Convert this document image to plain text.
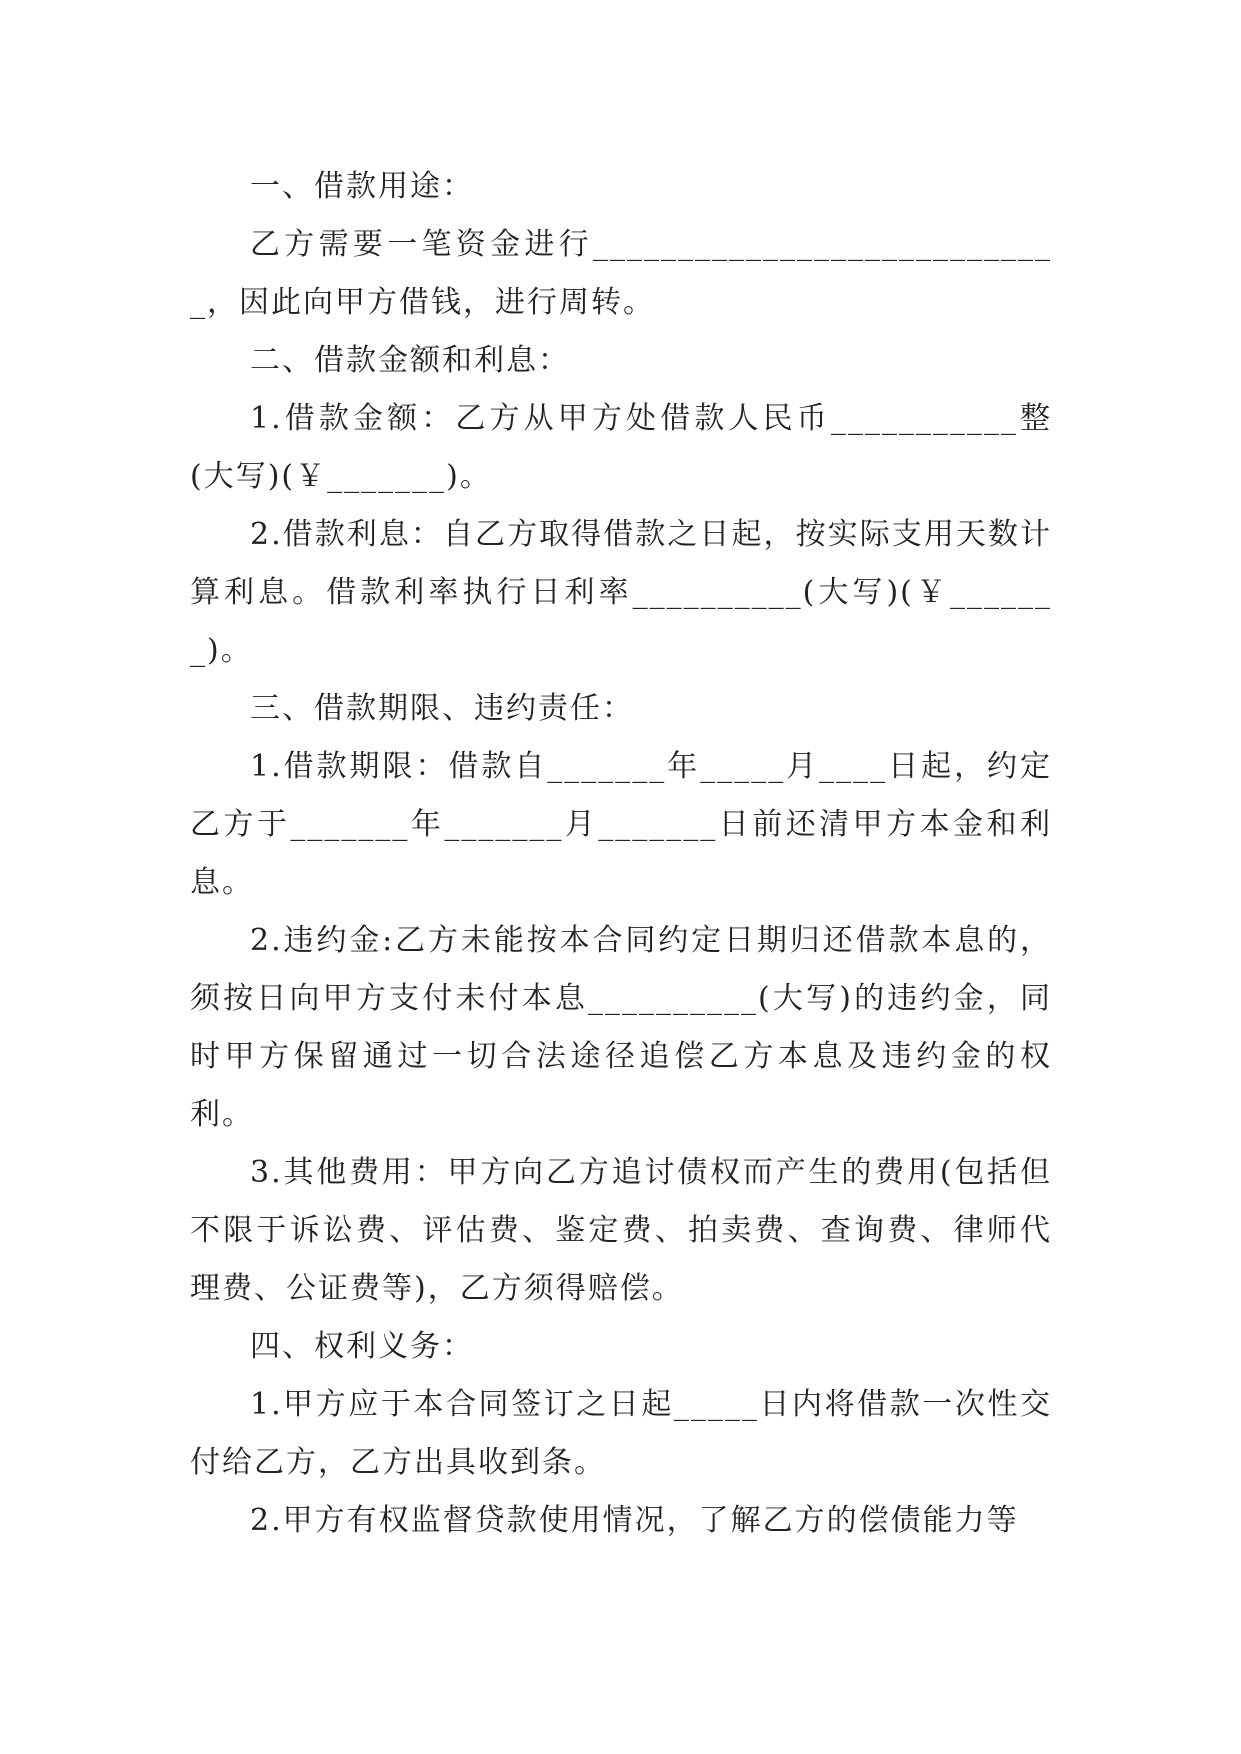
一、借款用途：

乙方需要一笔资金进行____________________________，因此向甲方借钱，进行周转。

二、借款金额和利息：

1.借款金额：乙方从甲方处借款人民币___________整(大写)(￥_______)。

2.借款利息：自乙方取得借款之日起，按实际支用天数计算利息。借款利率执行日利率__________(大写)(￥_______)。

三、借款期限、违约责任：

1.借款期限：借款自_______年_____月____日起，约定乙方于_______年_______月_______日前还清甲方本金和利息。

2.违约金:乙方未能按本合同约定日期归还借款本息的，须按日向甲方支付未付本息__________(大写)的违约金，同时甲方保留通过一切合法途径追偿乙方本息及违约金的权利。

3.其他费用：甲方向乙方追讨债权而产生的费用(包括但不限于诉讼费、评估费、鉴定费、拍卖费、查询费、律师代理费、公证费等)，乙方须得赔偿。

四、权利义务：

1.甲方应于本合同签订之日起_____日内将借款一次性交付给乙方，乙方出具收到条。

2.甲方有权监督贷款使用情况，了解乙方的偿债能力等
